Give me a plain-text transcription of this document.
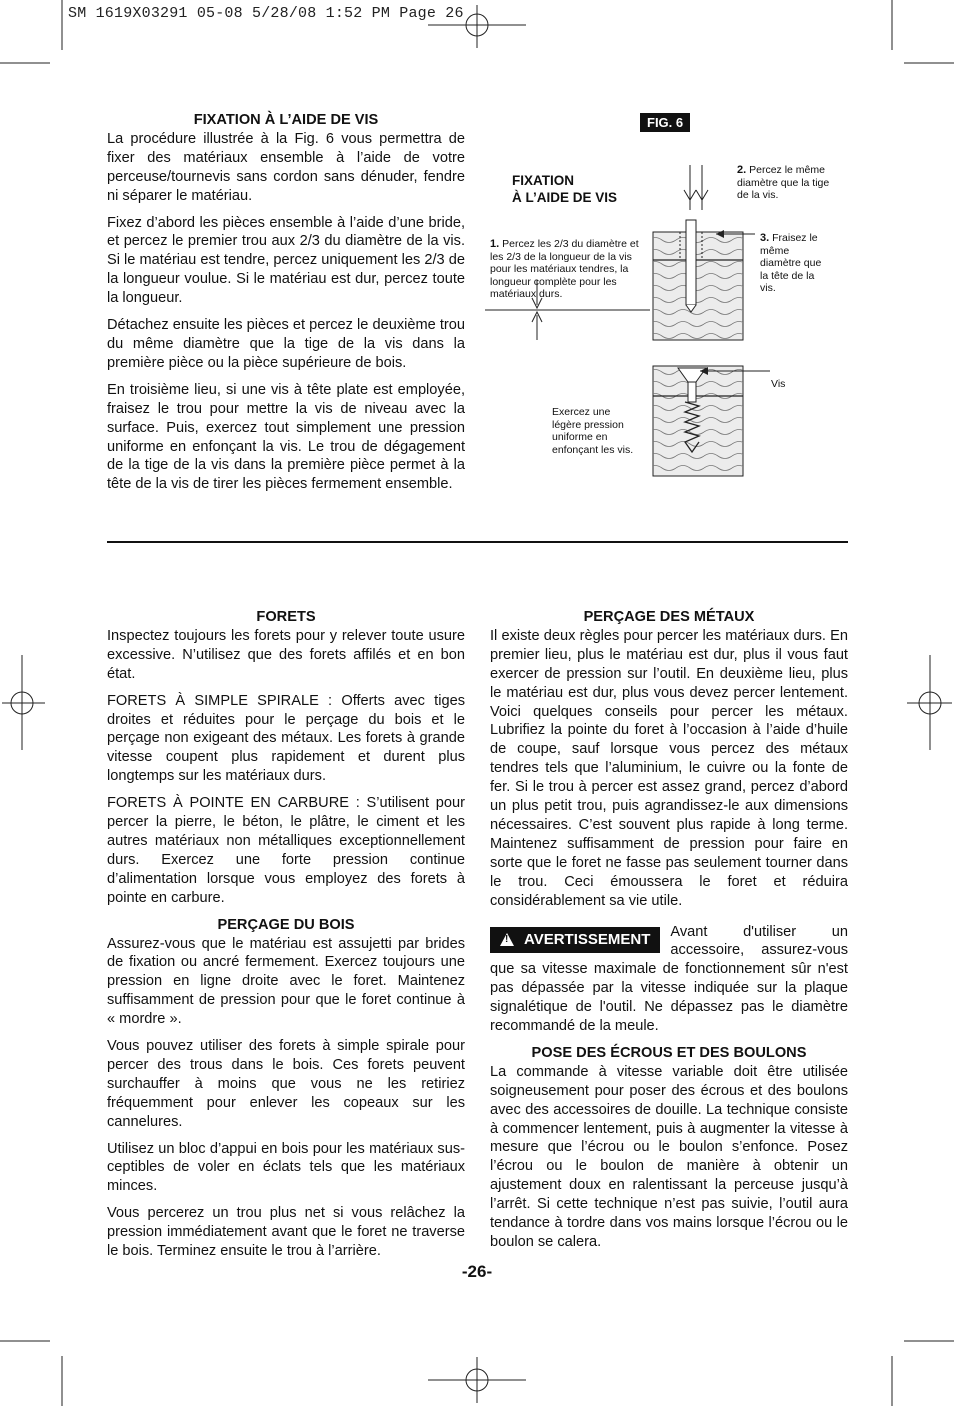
SM 1619X03291 05-08 5/28/08 1:52 PM Page 26
FIXATION À L’AIDE DE VIS

La procédure illustrée à la Fig. 6 vous permettra de fixer des matériaux ensemble à l’aide de votre perceuse/tournevis sans cordon sans dénuder, fendre ni séparer le matériau.

Fixez d’abord les pièces ensemble à l’aide d’une bride, et percez le premier trou aux 2/3 du diamètre de la vis. Si le matériau est tendre, percez uniquement les 2/3 de la longueur voulue. Si le matériau est dur, percez toute la longueur.

Détachez ensuite les pièces et percez le deuxième trou du même diamètre que la tige de la vis dans la première pièce ou la pièce supérieure de bois.

En troisième lieu, si une vis à tête plate est employée, fraisez le trou pour mettre la vis de niveau avec la surface. Puis, exercez tout simplement une pression uniforme en enfonçant la vis. Le trou de dégagement de la tige de la vis dans la première pièce permet à la tête de la vis de tirer les pièces fermement ensemble.

FIG. 6
FIXATION
À L’AIDE DE VIS
1. Percez les 2/3 du diamètre et les 2/3 de la longueur de la vis pour les matériaux tendres, la longueur complète pour les matériaux durs.
2. Percez le même diamètre que la tige de la vis.
3. Fraisez le même diamètre que la tête de la vis.
Vis
Exercez une légère pression uniforme en enfonçant les vis.
FORETS

Inspectez toujours les forets pour y relever toute usure excessive. N’utilisez que des forets affilés et en bon état.

FORETS À SIMPLE SPIRALE : Offerts avec tiges droites et réduites pour le perçage du bois et le perçage non exigeant des métaux. Les forets à grande vitesse coupent plus rapidement et durent plus longtemps sur les matériaux durs.

FORETS À POINTE EN CARBURE : S’utilisent pour percer la pierre, le béton, le plâtre, le ciment et les autres matériaux non métalliques exceptionnellement durs. Exercez une forte pression continue d’alimentation lorsque vous employez des forets à pointe en carbure.

PERÇAGE DU BOIS

Assurez-vous que le matériau est assujetti par brides de fixation ou ancré fermement. Exercez toujours une pression en ligne droite avec le foret. Maintenez suffisamment de pression pour que le foret continue à « mordre ».

Vous pouvez utiliser des forets à simple spirale pour percer des trous dans le bois. Ces forets peuvent surchauffer à moins que vous ne les retiriez fréquemment pour enlever les copeaux sur les cannelures.

Utilisez un bloc d’appui en bois pour les matériaux sus-ceptibles de voler en éclats tels que les matériaux minces.

Vous percerez un trou plus net si vous relâchez la pression immédiatement avant que le foret ne traverse le bois. Terminez ensuite le trou à l’arrière.

PERÇAGE DES MÉTAUX

Il existe deux règles pour percer les matériaux durs. En premier lieu, plus le matériau est dur, plus il vous faut exercer de pression sur l’outil. En deuxième lieu, plus le matériau est dur, plus vous devez percer lentement. Voici quelques conseils pour percer les métaux. Lubrifiez la pointe du foret à l’occasion à l’aide d’huile de coupe, sauf lorsque vous percez des métaux tendres tels que l’aluminium, le cuivre ou la fonte de fer. Si le trou à percer est assez grand, percez d’abord un plus petit trou, puis agrandissez-le aux dimensions nécessaires. C’est souvent plus rapide à long terme. Maintenez suffisamment de pression pour faire en sorte que le foret ne fasse pas seulement tourner dans le trou. Ceci émoussera le foret et réduira considérablement sa vie utile.

! AVERTISSEMENT Avant d'utiliser un accessoire, assurez-vous que sa vitesse maximale de fonctionnement sûr n'est pas dépassée par la vitesse indiquée sur la plaque signalétique de l'outil. Ne dépassez pas le diamètre recommandé de la meule.

POSE DES ÉCROUS ET DES BOULONS

La commande à vitesse variable doit être utilisée soigneusement pour poser des écrous et des boulons avec des accessoires de douille. La technique consiste à commencer lentement, puis à augmenter la vitesse à mesure que l’écrou ou le boulon s’enfonce. Posez l’écrou ou le boulon de manière à obtenir un ajustement doux en ralentissant la perceuse jusqu’à l’arrêt. Si cette technique n’est pas suivie, l’outil aura tendance à tordre dans vos mains lorsque l’écrou ou le boulon se calera.

-26-
